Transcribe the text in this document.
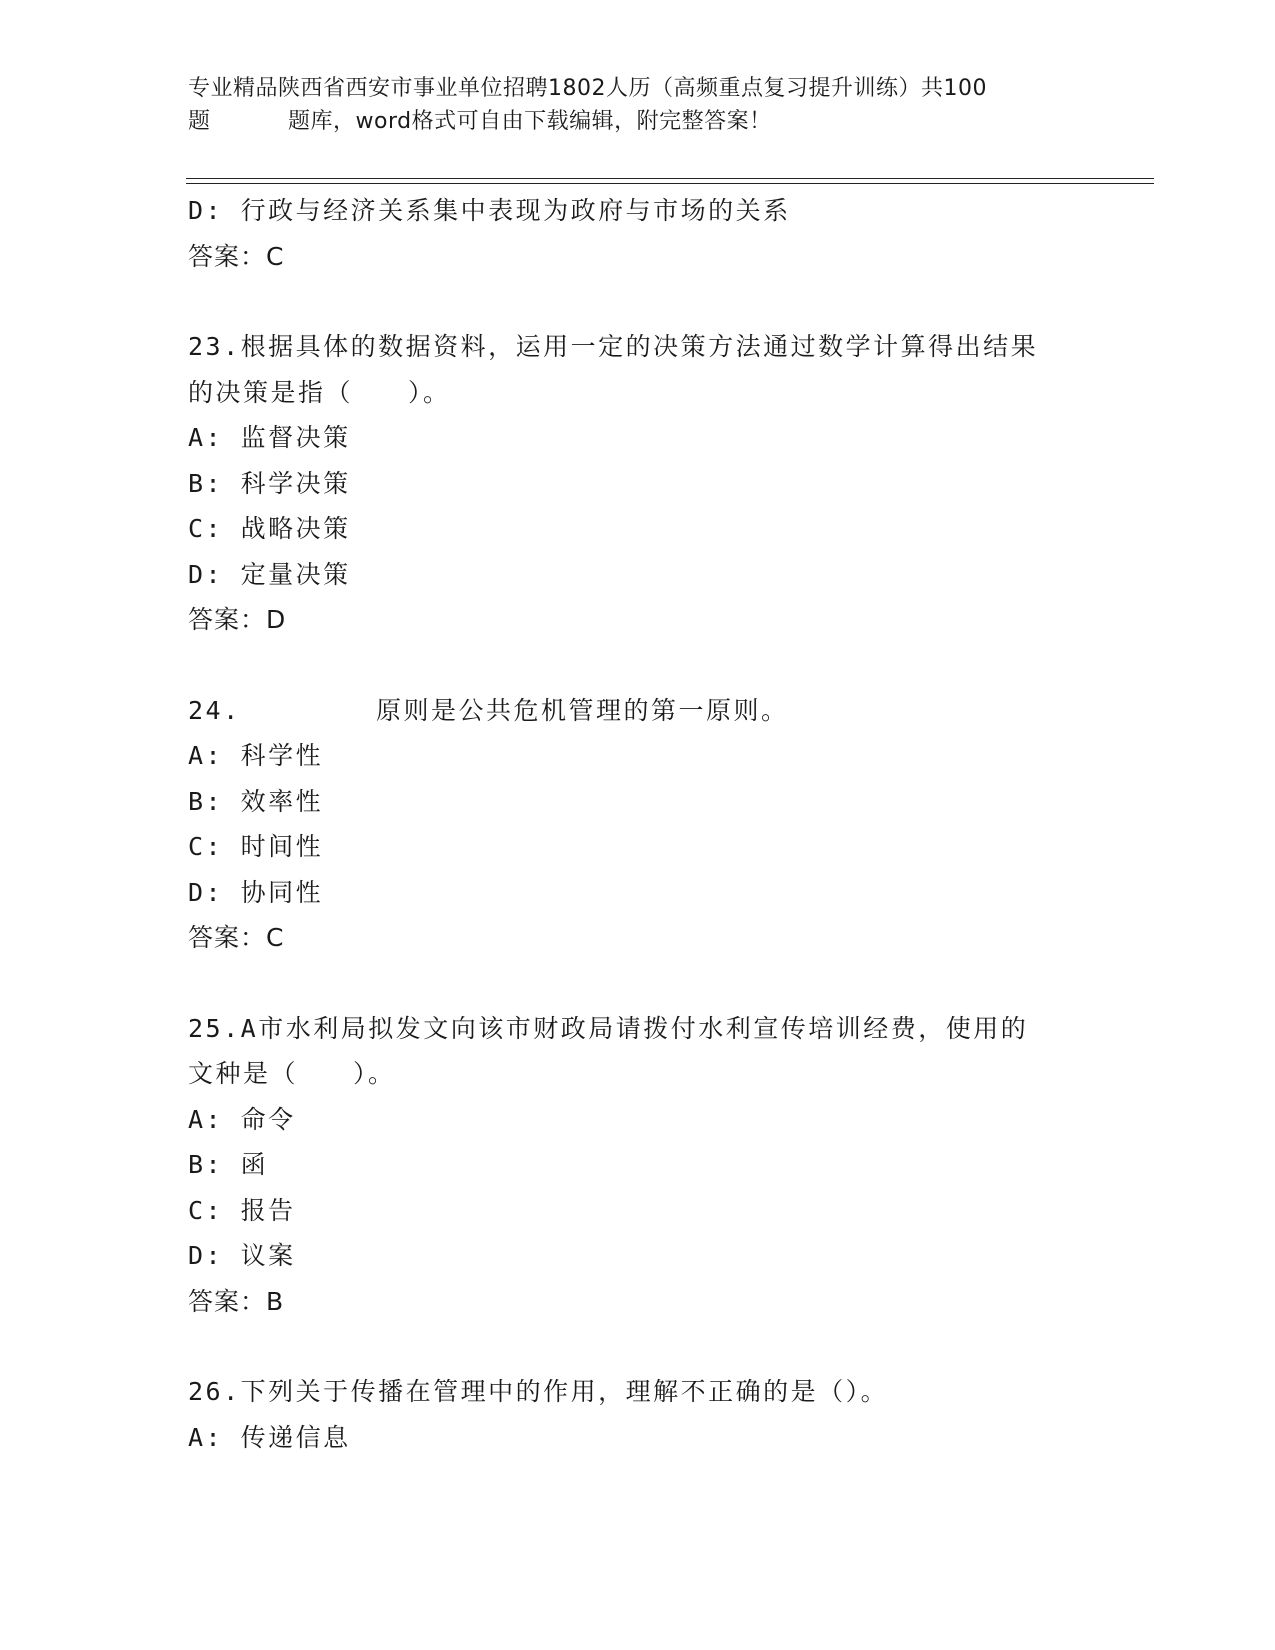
专业精品陕西省西安市事业单位招聘1802人历（高频重点复习提升训练）共100
题	题库，word格式可自由下载编辑，附完整答案！
D: 行政与经济关系集中表现为政府与市场的关系
答案：C
23.根据具体的数据资料，运用一定的决策方法通过数学计算得出结果
的决策是指（　　）。
A: 监督决策
B: 科学决策
C: 战略决策
D: 定量决策
答案：D
24.	原则是公共危机管理的第一原则。
A: 科学性
B: 效率性
C: 时间性
D: 协同性
答案：C
25.A市水利局拟发文向该市财政局请拨付水利宣传培训经费，使用的
文种是（　　）。
A: 命令
B: 函
C: 报告
D: 议案
答案：B
26.下列关于传播在管理中的作用，理解不正确的是（）。
A: 传递信息
